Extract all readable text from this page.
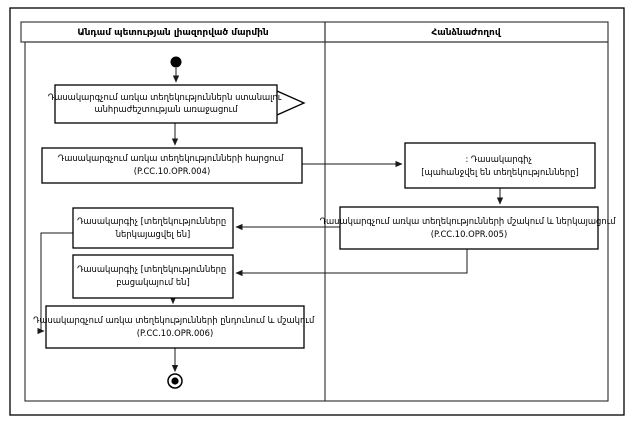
Անդամ պետության լիազորված մարմին	Հանձնաժողով
Դասակարգչում առկա տեղեկություններն ստանալու անհրաժեշտության առաջացում
Դասակարգչում առկա տեղեկությունների հարցում (P.CC.10.OPR.004)
: Դասակարգիչ [պահանջվել են տեղեկությունները]
Դասակարգչում առկա տեղեկությունների մշակում և ներկայացում (P.CC.10.OPR.005)
Դասակարգիչ [տեղեկությունները ներկայացվել են]
Դասակարգիչ [տեղեկությունները բացակայում են]
Դասակարգչում առկա տեղեկությունների ընդունում և մշակում (P.CC.10.OPR.006)
